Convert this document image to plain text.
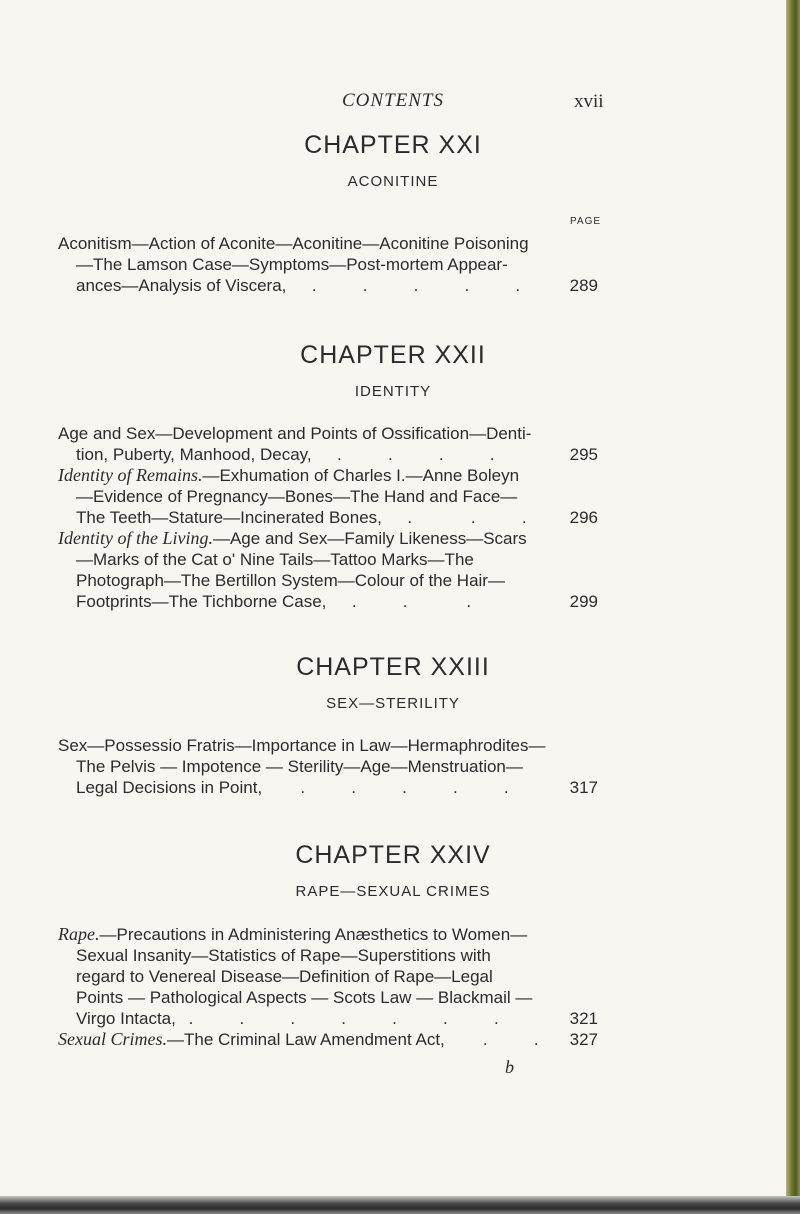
CONTENTS	xvii
CHAPTER XXI
ACONITINE
PAGE
Aconitism—Action of Aconite—Aconitine—Aconitine Poisoning
—The Lamson Case—Symptoms—Post-mortem Appear-
ances—Analysis of Viscera,  .   .   .   .   . 289
CHAPTER XXII
IDENTITY
Age and Sex—Development and Points of Ossification—Denti-
tion, Puberty, Manhood, Decay,  .   .   .   .	295
Identity of Remains.—Exhumation of Charles I.—Anne Boleyn
—Evidence of Pregnancy—Bones—The Hand and Face—
The Teeth—Stature—Incinerated Bones,  .    .   . 296
Identity of the Living.—Age and Sex—Family Likeness—Scars
—Marks of the Cat o' Nine Tails—Tattoo Marks—The
Photograph—The Bertillon System—Colour of the Hair—
Footprints—The Tichborne Case,  .   .    .	299
CHAPTER XXIII
SEX—STERILITY
Sex—Possessio Fratris—Importance in Law—Hermaphrodites—
The Pelvis — Impotence — Sterility—Age—Menstruation—
Legal Decisions in Point,   .   .   .   .   .	317
CHAPTER XXIV
RAPE—SEXUAL CRIMES
Rape.—Precautions in Administering Anæsthetics to Women—
Sexual Insanity—Statistics of Rape—Superstitions with
regard to Venereal Disease—Definition of Rape—Legal
Points — Pathological Aspects — Scots Law — Blackmail —
Virgo Intacta, .   .   .   .   .   .   .	321
Sexual Crimes.—The Criminal Law Amendment Act,   .   . 327
b
